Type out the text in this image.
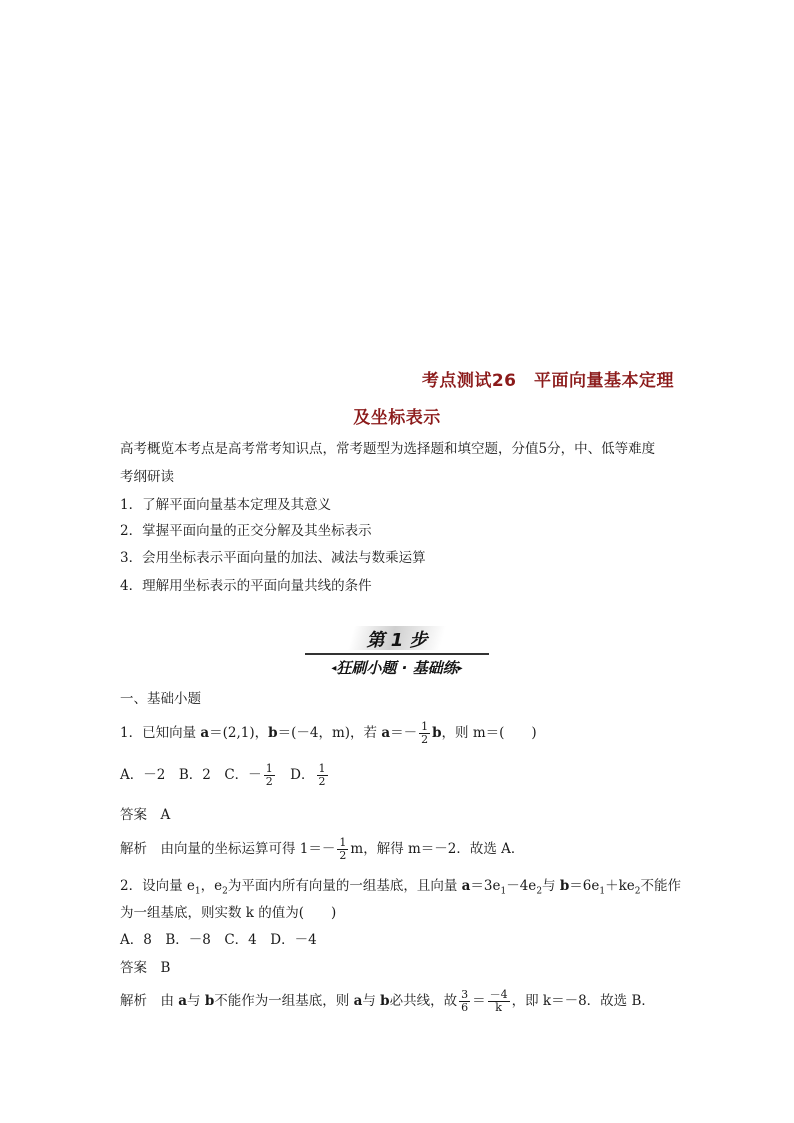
考点测试26　平面向量基本定理
及坐标表示
高考概览本考点是高考常考知识点，常考题型为选择题和填空题，分值5分，中、低等难度
考纲研读
1．了解平面向量基本定理及其意义
2．掌握平面向量的正交分解及其坐标表示
3．会用坐标表示平面向量的加法、减法与数乘运算
4．理解用坐标表示的平面向量共线的条件
第 1 步
◂狂刷小题 · 基础练▸
一、基础小题
1．已知向量 a＝(2,1)，b＝(－4，m)，若 $a=- \frac{1}{2}$ b，则 m＝(　　)
A．－2　B．2　C．－ $\frac{1}{2}$ 　D． $\frac{1}{2}$
答案　A
解析　由向量的坐标运算可得 $1=- \frac{1}{2}$ m，解得 m＝－2．故选 A．
2．设向量 $e_1$，$e_2$为平面内所有向量的一组基底，且向量 $a=3e_1-4e_2$与 $b=6e_1+ke_2$不能作
为一组基底，则实数 k 的值为(　　)
A．8　B．－8　C．4　D．－4
答案　B
解析　由 a与 b不能作为一组基底，则 a与 b必共线，故 $\frac{3}{6} = \frac{-4}{k}$ ，即 k＝－8．故选 B．
